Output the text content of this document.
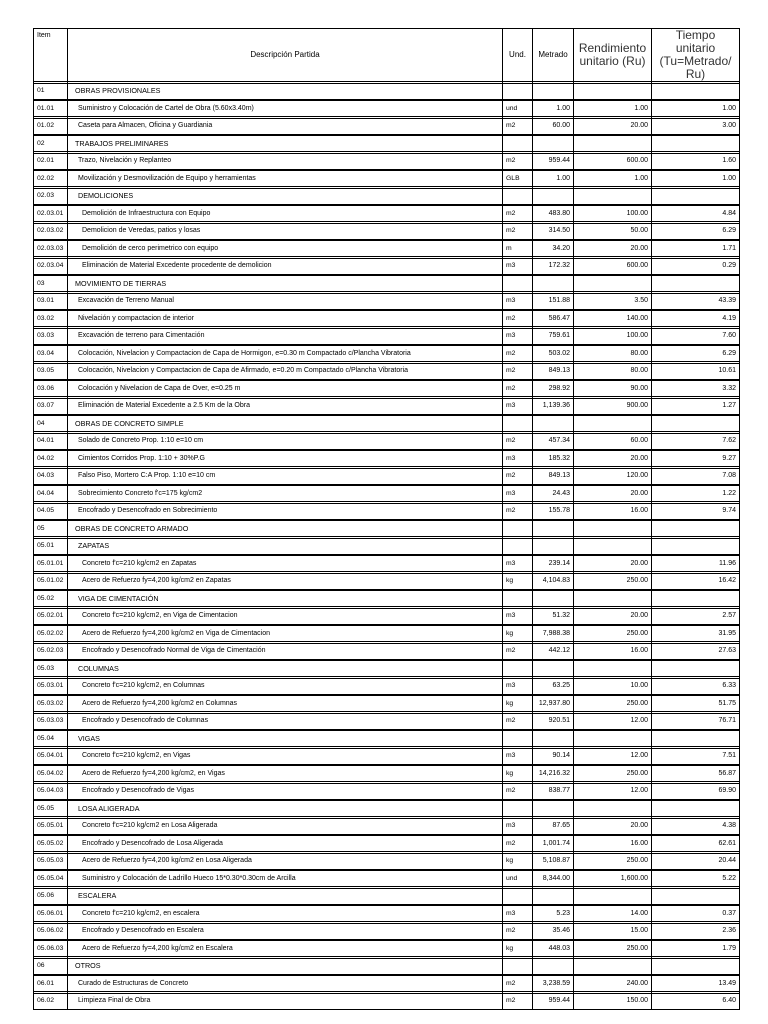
Item	Descripción Partida	Und.	Metrado	Rendimiento unitario (Ru)	Tiempo unitario (Tu=Metrado/ Ru)

01	OBRAS PROVISIONALES				

01.01	Suministro y Colocación de Cartel de Obra (5.60x3.40m)	und	1.00	1.00	1.00

01.02	Caseta para Almacen, Oficina y Guardiania	m2	60.00	20.00	3.00

02	TRABAJOS PRELIMINARES				

02.01	Trazo, Nivelación y Replanteo	m2	959.44	600.00	1.60

02.02	Movilización y Desmovilización de Equipo y herramientas	GLB	1.00	1.00	1.00

02.03	DEMOLICIONES				

02.03.01	Demolición de Infraestructura con Equipo	m2	483.80	100.00	4.84

02.03.02	Demolicion de Veredas, patios y losas	m2	314.50	50.00	6.29

02.03.03	Demolición de cerco perimetrico con equipo	m	34.20	20.00	1.71

02.03.04	Eliminación de Material Excedente procedente de demolicion	m3	172.32	600.00	0.29

03	MOVIMIENTO DE TIERRAS				

03.01	Excavación de Terreno Manual	m3	151.88	3.50	43.39

03.02	Nivelación y compactacion de interior	m2	586.47	140.00	4.19

03.03	Excavación de terreno para Cimentación	m3	759.61	100.00	7.60

03.04	Colocación, Nivelacion y Compactacion de Capa de Hormigon, e=0.30 m Compactado c/Plancha Vibratoria	m2	503.02	80.00	6.29

03.05	Colocación, Nivelacion y Compactacion de Capa de Afirmado, e=0.20 m Compactado c/Plancha Vibratoria	m2	849.13	80.00	10.61

03.06	Colocación y Nivelacion de Capa de Over, e=0.25 m	m2	298.92	90.00	3.32

03.07	Eliminación de Material Excedente a 2.5 Km de la Obra	m3	1,139.36	900.00	1.27

04	OBRAS DE CONCRETO SIMPLE				

04.01	Solado de Concreto Prop. 1:10 e=10 cm	m2	457.34	60.00	7.62

04.02	Cimientos Corridos Prop. 1:10 + 30%P.G	m3	185.32	20.00	9.27

04.03	Falso Piso, Mortero C:A Prop. 1:10 e=10 cm	m2	849.13	120.00	7.08

04.04	Sobrecimiento Concreto f'c=175 kg/cm2	m3	24.43	20.00	1.22

04.05	Encofrado y Desencofrado en Sobrecimiento	m2	155.78	16.00	9.74

05	OBRAS DE CONCRETO ARMADO				

05.01	ZAPATAS				

05.01.01	Concreto f'c=210 kg/cm2 en Zapatas	m3	239.14	20.00	11.96

05.01.02	Acero de Refuerzo fy=4,200 kg/cm2 en Zapatas	kg	4,104.83	250.00	16.42

05.02	VIGA DE CIMENTACIÓN				

05.02.01	Concreto f'c=210 kg/cm2, en Viga de Cimentacion	m3	51.32	20.00	2.57

05.02.02	Acero de Refuerzo fy=4,200 kg/cm2 en Viga de Cimentacion	kg	7,988.38	250.00	31.95

05.02.03	Encofrado y Desencofrado Normal de Viga de Cimentación	m2	442.12	16.00	27.63

05.03	COLUMNAS				

05.03.01	Concreto f'c=210 kg/cm2, en Columnas	m3	63.25	10.00	6.33

05.03.02	Acero de Refuerzo fy=4,200 kg/cm2 en Columnas	kg	12,937.80	250.00	51.75

05.03.03	Encofrado y Desencofrado de Columnas	m2	920.51	12.00	76.71

05.04	VIGAS				

05.04.01	Concreto f'c=210 kg/cm2, en Vigas	m3	90.14	12.00	7.51

05.04.02	Acero de Refuerzo fy=4,200 kg/cm2, en Vigas	kg	14,216.32	250.00	56.87

05.04.03	Encofrado y Desencofrado de Vigas	m2	838.77	12.00	69.90

05.05	LOSA ALIGERADA				

05.05.01	Concreto f'c=210 kg/cm2 en Losa Aligerada	m3	87.65	20.00	4.38

05.05.02	Encofrado y Desencofrado de Losa Aligerada	m2	1,001.74	16.00	62.61

05.05.03	Acero de Refuerzo fy=4,200 kg/cm2 en Losa Aligerada	kg	5,108.87	250.00	20.44

05.05.04	Suministro y Colocación de Ladrillo Hueco 15*0.30*0.30cm de Arcilla	und	8,344.00	1,600.00	5.22

05.06	ESCALERA				

05.06.01	Concreto f'c=210 kg/cm2, en escalera	m3	5.23	14.00	0.37

05.06.02	Encofrado y Desencofrado en Escalera	m2	35.46	15.00	2.36

05.06.03	Acero de Refuerzo fy=4,200 kg/cm2 en Escalera	kg	448.03	250.00	1.79

06	OTROS				

06.01	Curado de Estructuras de Concreto	m2	3,238.59	240.00	13.49

06.02	Limpieza Final de Obra	m2	959.44	150.00	6.40
